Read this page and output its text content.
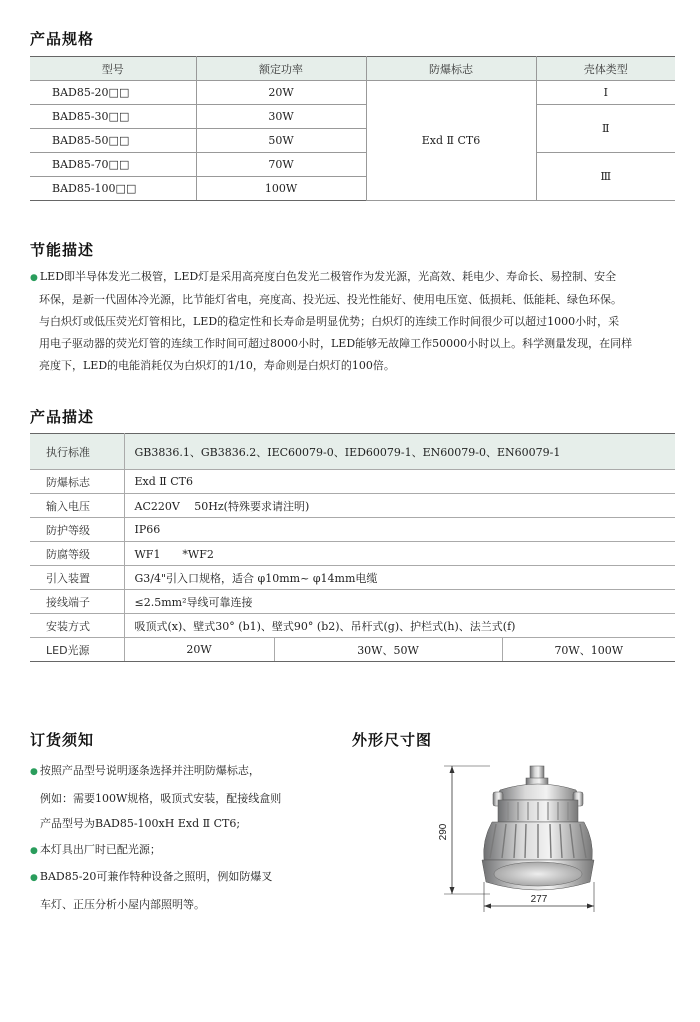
产品规格
型号	额定功率	防爆标志	壳体类型
BAD85-20□□	20W	Exd Ⅱ CT6	Ⅰ
BAD85-30□□	30W		Ⅱ
BAD85-50□□	50W		
BAD85-70□□	70W		Ⅲ
BAD85-100□□	100W		
节能描述
● LED即半导体发光二极管，LED灯是采用高亮度白色发光二极管作为发光源，光高效、耗电少、寿命长、易控制、安全
环保，是新一代固体冷光源，比节能灯省电，亮度高、投光远、投光性能好、使用电压宽、低损耗、低能耗、绿色环保。
与白炽灯或低压荧光灯管相比，LED的稳定性和长寿命是明显优势；白炽灯的连续工作时间很少可以超过1000小时，采
用电子驱动器的荧光灯管的连续工作时间可超过8000小时，LED能够无故障工作50000小时以上。科学测量发现，在同样
亮度下，LED的电能消耗仅为白炽灯的1/10，寿命则是白炽灯的100倍。
产品描述
执行标准	GB3836.1、GB3836.2、IEC60079-0、IED60079-1、EN60079-0、EN60079-1		
防爆标志	Exd Ⅱ CT6		
输入电压	AC220V　 50Hz(特殊要求请注明)		
防护等级	IP66		
防腐等级	WF1　　*WF2		
引入装置	G3/4"引入口规格，适合 φ10mm~ φ14mm电缆		
接线端子	≤2.5mm²导线可靠连接		
安装方式	吸顶式(x)、壁式30° (b1)、壁式90° (b2)、吊杆式(g)、护栏式(h)、法兰式(f)		
LED光源	20W	30W、50W	70W、100W
订货须知
● 按照产品型号说明逐条选择并注明防爆标志，
例如：需要100W规格，吸顶式安装，配接线盒则
产品型号为BAD85-100xH Exd Ⅱ CT6;
● 本灯具出厂时已配光源；
● BAD85-20可兼作特种设备之照明，例如防爆叉
车灯、正压分析小屋内部照明等。
外形尺寸图
290
277
